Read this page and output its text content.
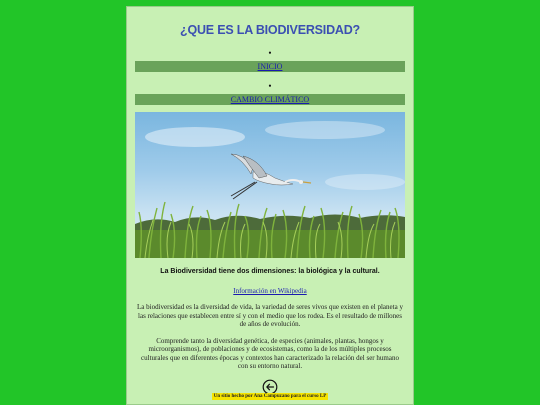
¿QUE ES LA BIODIVERSIDAD?
•
INICIO
•
CAMBIO CLIMÁTICO

La Biodiversidad tiene dos dimensiones: la biológica y la cultural.

Información en Wikipedia

La biodiversidad es la diversidad de vida, la variedad de seres vivos que existen en el planeta y las relaciones que establecen entre sí y con el medio que los rodea. Es el resultado de millones de años de evolución.

Comprende tanto la diversidad genética, de especies (animales, plantas, hongos y microorganismos), de poblaciones y de ecosistemas, como la de los múltiples procesos culturales que en diferentes épocas y contextos han caracterizado la relación del ser humano con su entorno natural.

Un sitio hecho por Ana Campuzano para el curso LP
